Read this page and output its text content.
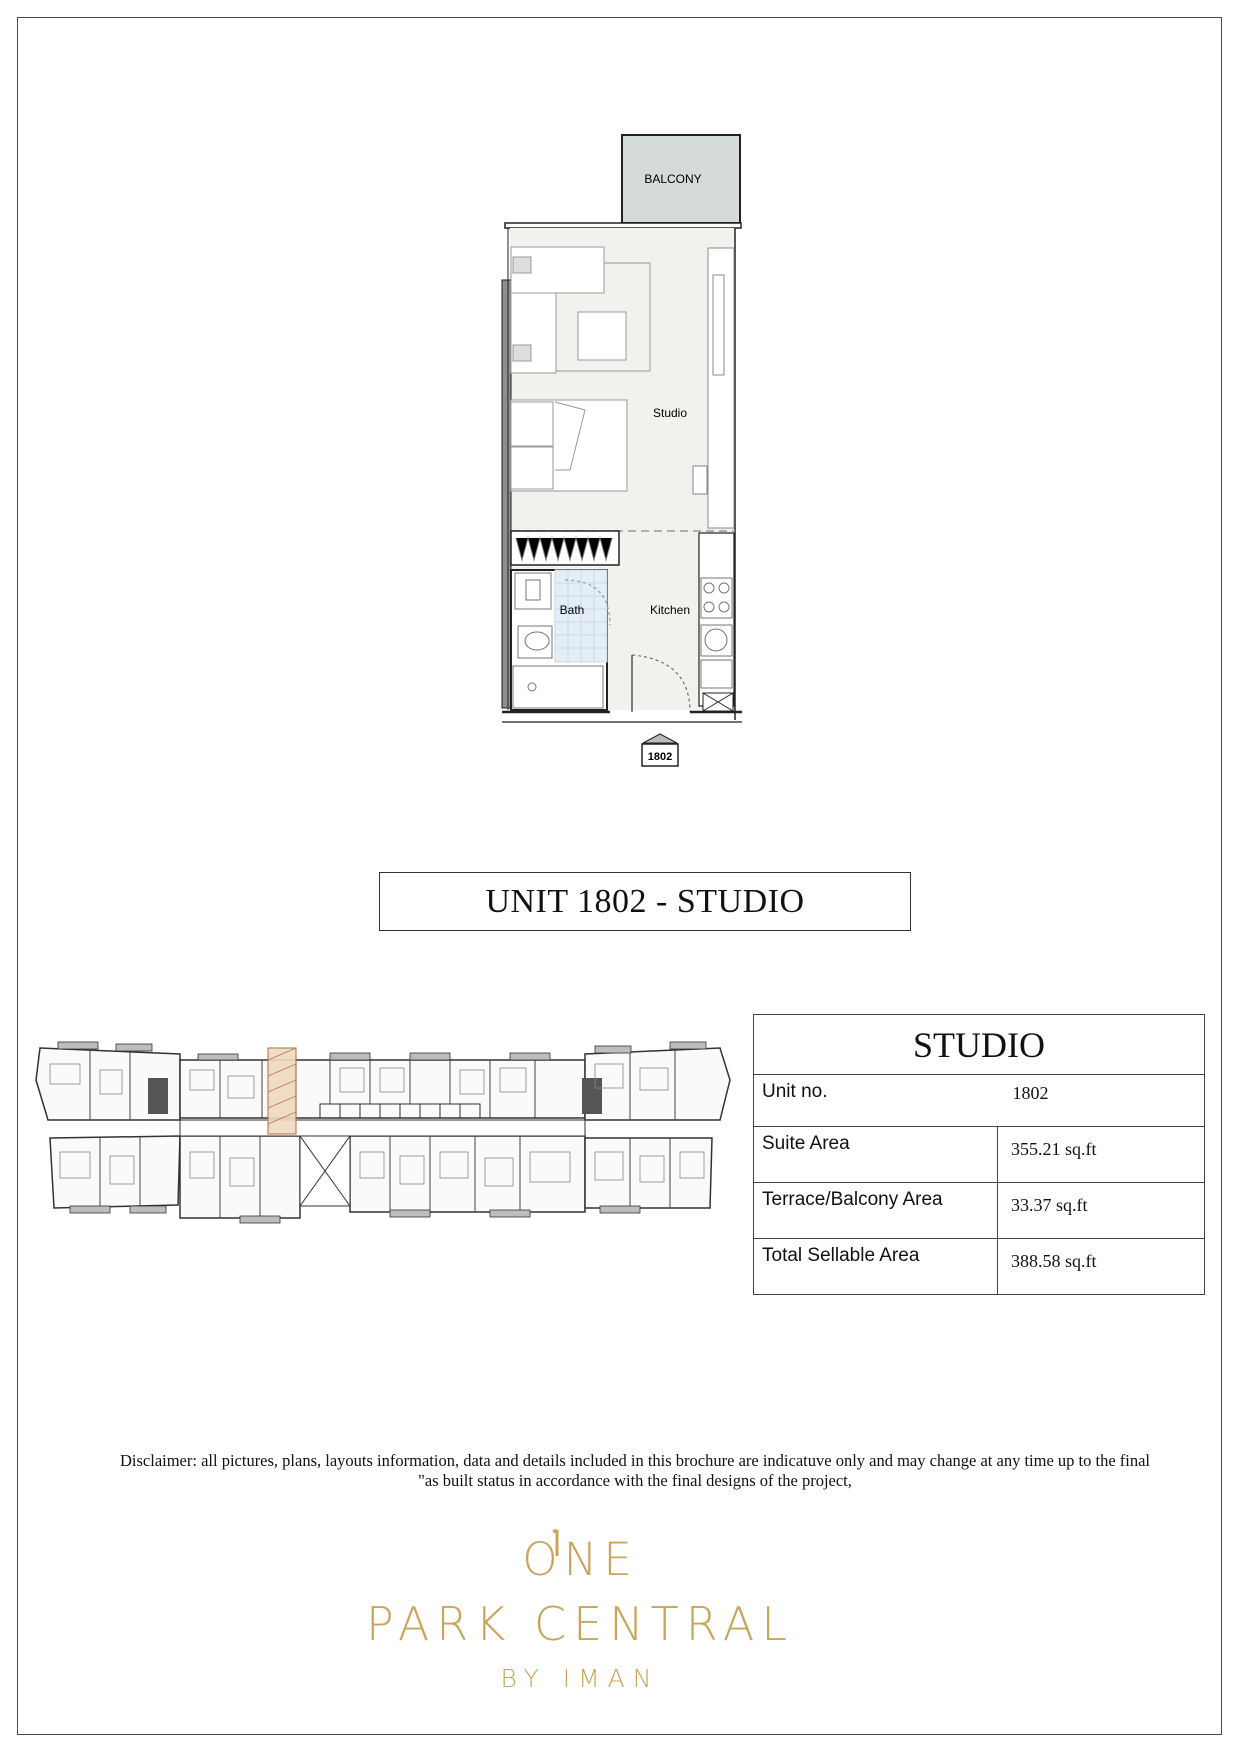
BALCONY
Studio
Bath	Kitchen
1802
UNIT 1802 - STUDIO
STUDIO	
Unit no.	1802
Suite Area	355.21 sq.ft
Terrace/Balcony Area	33.37 sq.ft
Total Sellable Area	388.58 sq.ft
Disclaimer: all pictures, plans, layouts information, data and details included in this brochure are indicatuve only and may change at any time up to the final
"as built status in accordance with the final designs of the project,
ONE
PARK CENTRAL
BY IMAN
